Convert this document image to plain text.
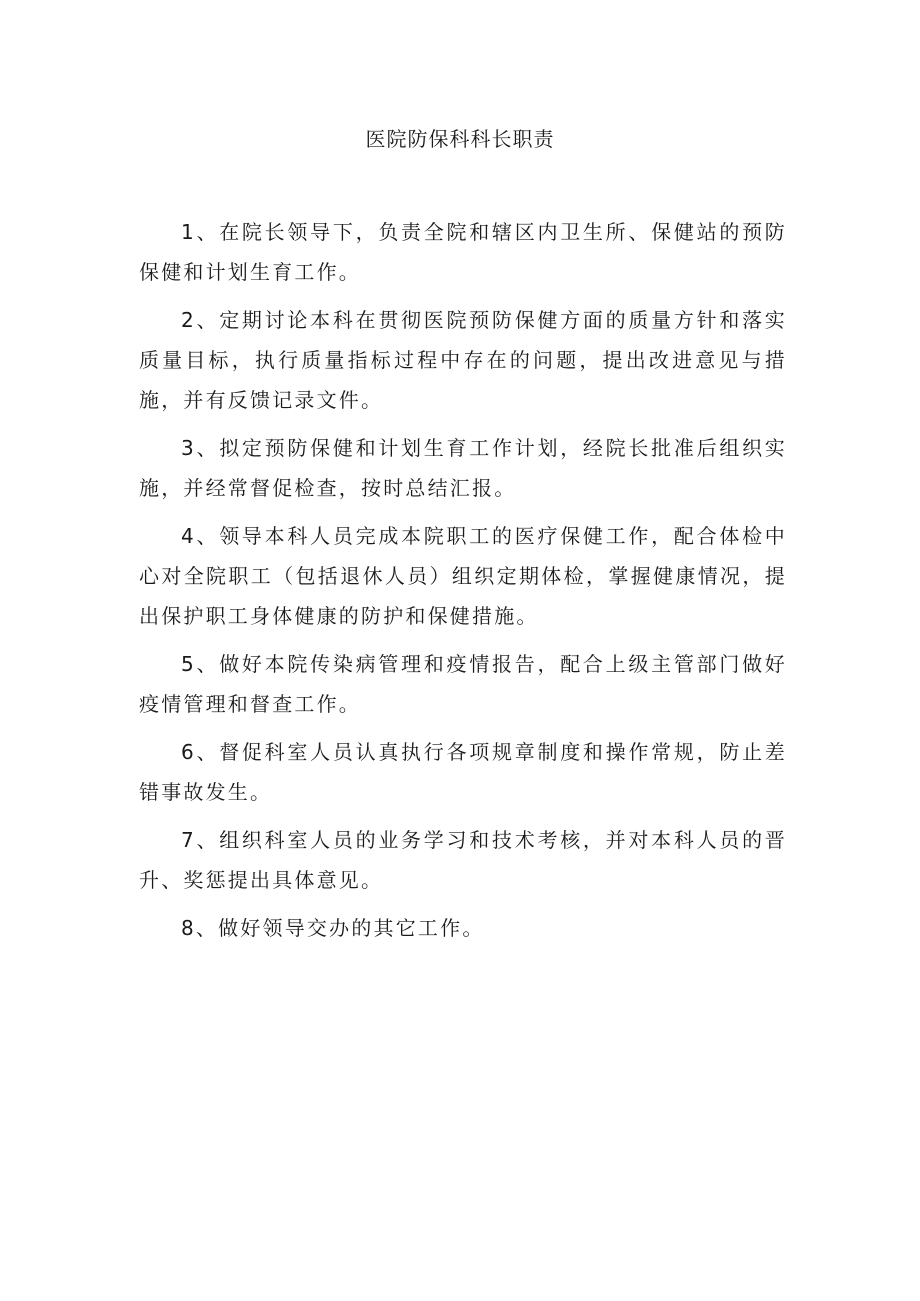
医院防保科科长职责

1、在院长领导下，负责全院和辖区内卫生所、保健站的预防保健和计划生育工作。

2、定期讨论本科在贯彻医院预防保健方面的质量方针和落实质量目标，执行质量指标过程中存在的问题，提出改进意见与措施，并有反馈记录文件。

3、拟定预防保健和计划生育工作计划，经院长批准后组织实施，并经常督促检查，按时总结汇报。

4、领导本科人员完成本院职工的医疗保健工作，配合体检中心对全院职工（包括退休人员）组织定期体检，掌握健康情况，提出保护职工身体健康的防护和保健措施。

5、做好本院传染病管理和疫情报告，配合上级主管部门做好疫情管理和督查工作。

6、督促科室人员认真执行各项规章制度和操作常规，防止差错事故发生。

7、组织科室人员的业务学习和技术考核，并对本科人员的晋升、奖惩提出具体意见。

8、做好领导交办的其它工作。
